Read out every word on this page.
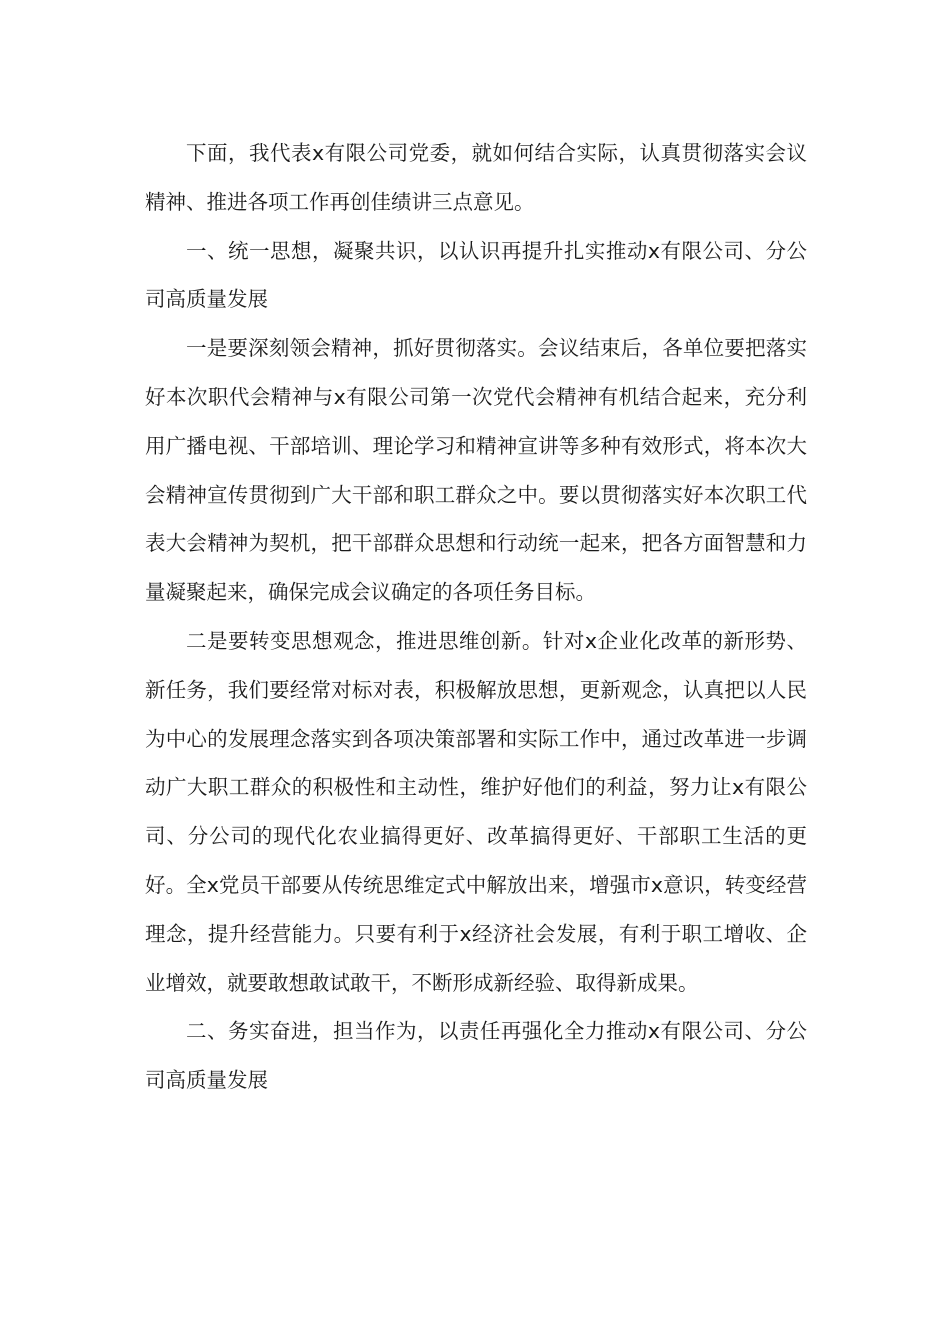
下面，我代表x有限公司党委，就如何结合实际，认真贯彻落实会议精神、推进各项工作再创佳绩讲三点意见。

一、统一思想，凝聚共识，以认识再提升扎实推动x有限公司、分公司高质量发展

一是要深刻领会精神，抓好贯彻落实。会议结束后，各单位要把落实好本次职代会精神与x有限公司第一次党代会精神有机结合起来，充分利用广播电视、干部培训、理论学习和精神宣讲等多种有效形式，将本次大会精神宣传贯彻到广大干部和职工群众之中。要以贯彻落实好本次职工代表大会精神为契机，把干部群众思想和行动统一起来，把各方面智慧和力量凝聚起来，确保完成会议确定的各项任务目标。

二是要转变思想观念，推进思维创新。针对x企业化改革的新形势、新任务，我们要经常对标对表，积极解放思想，更新观念，认真把以人民为中心的发展理念落实到各项决策部署和实际工作中，通过改革进一步调动广大职工群众的积极性和主动性，维护好他们的利益，努力让x有限公司、分公司的现代化农业搞得更好、改革搞得更好、干部职工生活的更好。全x党员干部要从传统思维定式中解放出来，增强市x意识，转变经营理念，提升经营能力。只要有利于x经济社会发展，有利于职工增收、企业增效，就要敢想敢试敢干，不断形成新经验、取得新成果。

二、务实奋进，担当作为，以责任再强化全力推动x有限公司、分公司高质量发展
